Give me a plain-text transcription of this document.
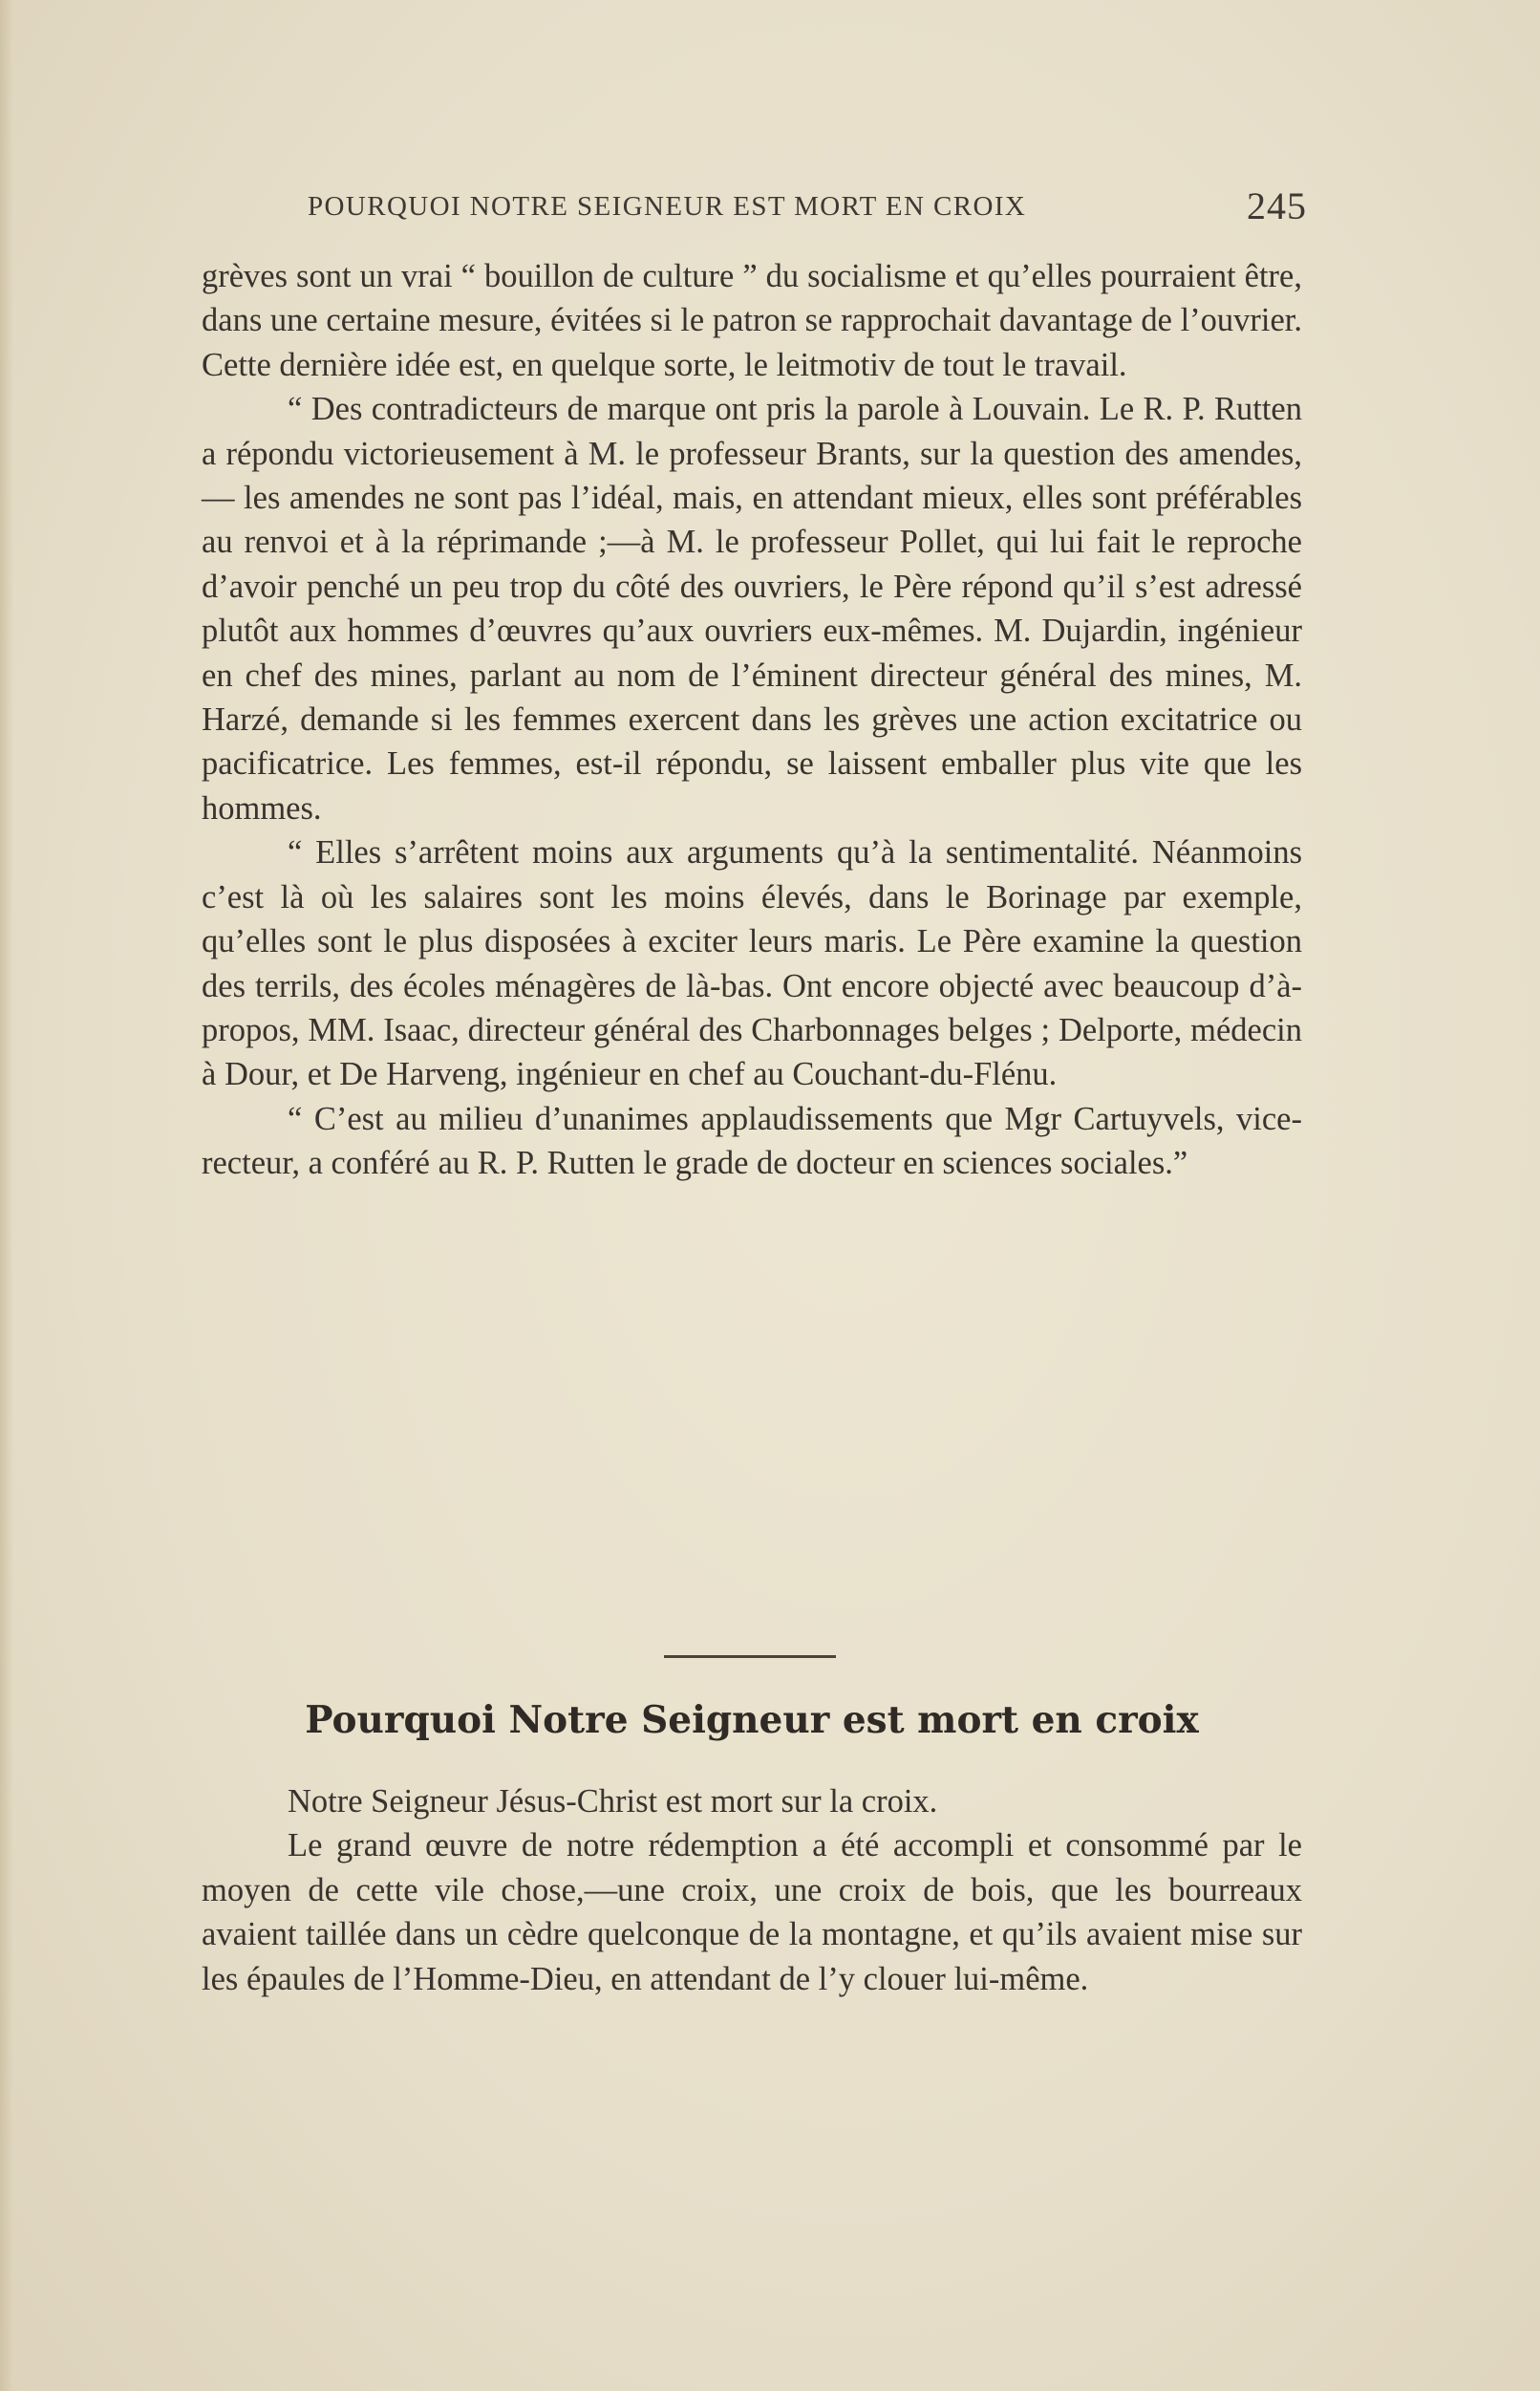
POURQUOI NOTRE SEIGNEUR EST MORT EN CROIX	245

grèves sont un vrai “ bouillon de culture ” du socialisme et qu’elles pourraient être, dans une certaine mesure, évitées si le patron se rapprochait davantage de l’ouvrier. Cette dernière idée est, en quelque sorte, le leitmotiv de tout le travail.

“ Des contradicteurs de marque ont pris la parole à Louvain. Le R. P. Rutten a répondu victorieusement à M. le professeur Brants, sur la question des amendes,— les amendes ne sont pas l’idéal, mais, en attendant mieux, elles sont préférables au renvoi et à la réprimande ;—à M. le professeur Pollet, qui lui fait le reproche d’avoir penché un peu trop du côté des ouvriers, le Père répond qu’il s’est adressé plutôt aux hommes d’œuvres qu’aux ouvriers eux-mêmes. M. Dujardin, ingénieur en chef des mines, parlant au nom de l’éminent directeur général des mines, M. Harzé, demande si les femmes exercent dans les grèves une action excitatrice ou pacificatrice. Les femmes, est-il répondu, se laissent emballer plus vite que les hommes.

“ Elles s’arrêtent moins aux arguments qu’à la sentimentalité. Néanmoins c’est là où les salaires sont les moins élevés, dans le Borinage par exemple, qu’elles sont le plus disposées à exciter leurs maris. Le Père examine la question des terrils, des écoles ménagères de là-bas. Ont encore objecté avec beaucoup d’à-propos, MM. Isaac, directeur général des Charbonnages belges ; Delporte, médecin à Dour, et De Harveng, ingénieur en chef au Couchant-du-Flénu.

“ C’est au milieu d’unanimes applaudissements que Mgr Cartuyvels, vice-recteur, a conféré au R. P. Rutten le grade de docteur en sciences sociales.”

Pourquoi Notre Seigneur est mort en croix

Notre Seigneur Jésus-Christ est mort sur la croix.

Le grand œuvre de notre rédemption a été accompli et consommé par le moyen de cette vile chose,—une croix, une croix de bois, que les bourreaux avaient taillée dans un cèdre quelconque de la montagne, et qu’ils avaient mise sur les épaules de l’Homme-Dieu, en attendant de l’y clouer lui-même.
